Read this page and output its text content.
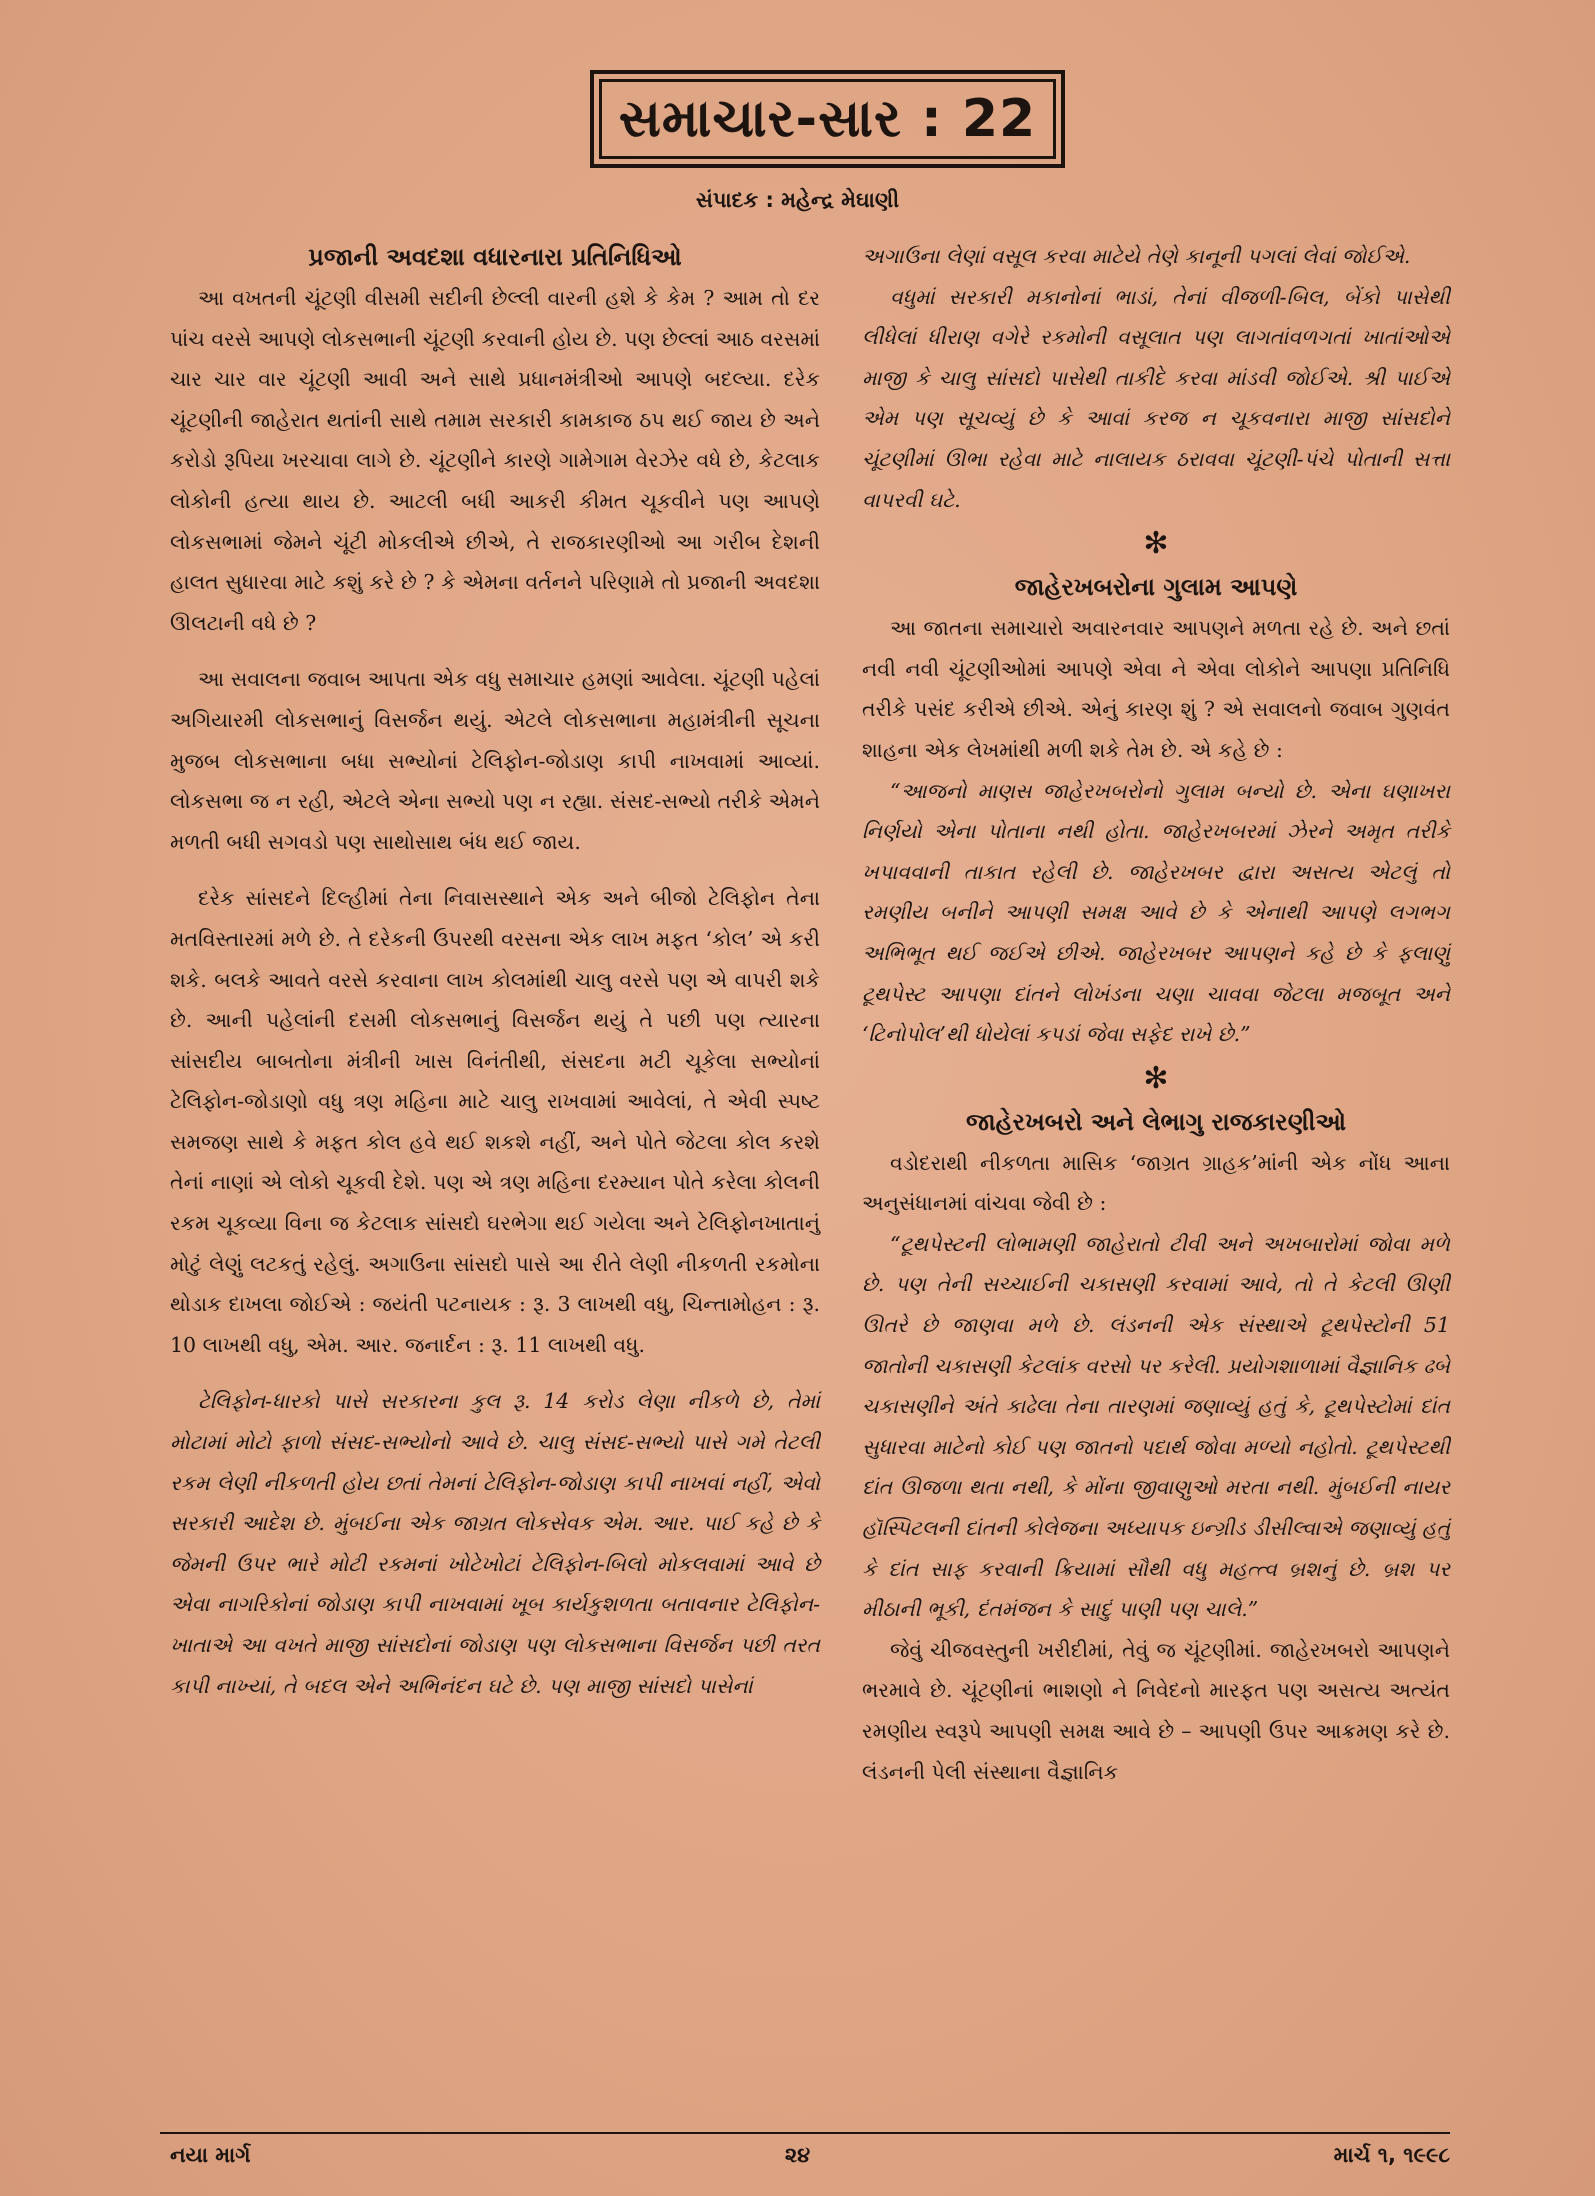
સમાચાર-સાર : 22
સંપાદક : મહેન્દ્ર મેઘાણી
પ્રજાની અવદશા વધારનારા પ્રતિનિધિઓ

આ વખતની ચૂંટણી વીસમી સદીની છેલ્લી વારની હશે કે કેમ ? આમ તો દર પાંચ વરસે આપણે લોકસભાની ચૂંટણી કરવાની હોય છે. પણ છેલ્લાં આઠ વરસમાં ચાર ચાર વાર ચૂંટણી આવી અને સાથે પ્રધાનમંત્રીઓ આપણે બદલ્યા. દરેક ચૂંટણીની જાહેરાત થતાંની સાથે તમામ સરકારી કામકાજ ઠપ થઈ જાય છે અને કરોડો રૂપિયા ખરચાવા લાગે છે. ચૂંટણીને કારણે ગામેગામ વેરઝેર વધે છે, કેટલાક લોકોની હત્યા થાય છે. આટલી બધી આકરી કીમત ચૂકવીને પણ આપણે લોકસભામાં જેમને ચૂંટી મોકલીએ છીએ, તે રાજકારણીઓ આ ગરીબ દેશની હાલત સુધારવા માટે કશું કરે છે ? કે એમના વર્તનને પરિણામે તો પ્રજાની અવદશા ઊલટાની વધે છે ?

આ સવાલના જવાબ આપતા એક વધુ સમાચાર હમણાં આવેલા. ચૂંટણી પહેલાં અગિયારમી લોકસભાનું વિસર્જન થયું. એટલે લોકસભાના મહામંત્રીની સૂચના મુજબ લોકસભાના બધા સભ્યોનાં ટેલિફોન-જોડાણ કાપી નાખવામાં આવ્યાં. લોકસભા જ ન રહી, એટલે એના સભ્યો પણ ન રહ્યા. સંસદ-સભ્યો તરીકે એમને મળતી બધી સગવડો પણ સાથોસાથ બંધ થઈ જાય.

દરેક સાંસદને દિલ્હીમાં તેના નિવાસસ્થાને એક અને બીજો ટેલિફોન તેના મતવિસ્તારમાં મળે છે. તે દરેકની ઉપરથી વરસના એક લાખ મફત ‘કોલ’ એ કરી શકે. બલકે આવતે વરસે કરવાના લાખ કોલમાંથી ચાલુ વરસે પણ એ વાપરી શકે છે. આની પહેલાંની દસમી લોકસભાનું વિસર્જન થયું તે પછી પણ ત્યારના સાંસદીય બાબતોના મંત્રીની ખાસ વિનંતીથી, સંસદના મટી ચૂકેલા સભ્યોનાં ટેલિફોન-જોડાણો વધુ ત્રણ મહિના માટે ચાલુ રાખવામાં આવેલાં, તે એવી સ્પષ્ટ સમજણ સાથે કે મફત કોલ હવે થઈ શકશે નહીં, અને પોતે જેટલા કોલ કરશે તેનાં નાણાં એ લોકો ચૂકવી દેશે. પણ એ ત્રણ મહિના દરમ્યાન પોતે કરેલા કોલની રકમ ચૂકવ્યા વિના જ કેટલાક સાંસદો ઘરભેગા થઈ ગયેલા અને ટેલિફોનખાતાનું મોટું લેણું લટકતું રહેલું. અગાઉના સાંસદો પાસે આ રીતે લેણી નીકળતી રકમોના થોડાક દાખલા જોઈએ : જયંતી પટનાયક : રૂ. 3 લાખથી વધુ, ચિન્તામોહન : રૂ. 10 લાખથી વધુ, એમ. આર. જનાર્દન : રૂ. 11 લાખથી વધુ.

ટેલિફોન-ધારકો પાસે સરકારના કુલ રૂ. 14 કરોડ લેણા નીકળે છે, તેમાં મોટામાં મોટો ફાળો સંસદ-સભ્યોનો આવે છે. ચાલુ સંસદ-સભ્યો પાસે ગમે તેટલી રકમ લેણી નીકળતી હોય છતાં તેમનાં ટેલિફોન-જોડાણ કાપી નાખવાં નહીં, એવો સરકારી આદેશ છે. મુંબઈના એક જાગ્રત લોકસેવક એમ. આર. પાઈ કહે છે કે જેમની ઉપર ભારે મોટી રકમનાં ખોટેખોટાં ટેલિફોન-બિલો મોકલવામાં આવે છે એવા નાગરિકોનાં જોડાણ કાપી નાખવામાં ખૂબ કાર્યકુશળતા બતાવનાર ટેલિફોન-ખાતાએ આ વખતે માજી સાંસદોનાં જોડાણ પણ લોકસભાના વિસર્જન પછી તરત કાપી નાખ્યાં, તે બદલ એને અભિનંદન ઘટે છે. પણ માજી સાંસદો પાસેનાં

અગાઉના લેણાં વસૂલ કરવા માટેયે તેણે કાનૂની પગલાં લેવાં જોઈએ.

વધુમાં સરકારી મકાનોનાં ભાડાં, તેનાં વીજળી-બિલ, બેંકો પાસેથી લીધેલાં ધીરાણ વગેરે રકમોની વસૂલાત પણ લાગતાંવળગતાં ખાતાંઓએ માજી કે ચાલુ સાંસદો પાસેથી તાકીદે કરવા માંડવી જોઈએ. શ્રી પાઈએ એમ પણ સૂચવ્યું છે કે આવાં કરજ ન ચૂકવનારા માજી સાંસદોને ચૂંટણીમાં ઊભા રહેવા માટે નાલાયક ઠરાવવા ચૂંટણી-પંચે પોતાની સત્તા વાપરવી ઘટે.

✻
જાહેરખબરોના ગુલામ આપણે

આ જાતના સમાચારો અવારનવાર આપણને મળતા રહે છે. અને છતાં નવી નવી ચૂંટણીઓમાં આપણે એવા ને એવા લોકોને આપણા પ્રતિનિધિ તરીકે પસંદ કરીએ છીએ. એનું કારણ શું ? એ સવાલનો જવાબ ગુણવંત શાહના એક લેખમાંથી મળી શકે તેમ છે. એ કહે છે :

“આજનો માણસ જાહેરખબરોનો ગુલામ બન્યો છે. એના ઘણાખરા નિર્ણયો એના પોતાના નથી હોતા. જાહેરખબરમાં ઝેરને અમૃત તરીકે ખપાવવાની તાકાત રહેલી છે. જાહેરખબર દ્વારા અસત્ય એટલું તો રમણીય બનીને આપણી સમક્ષ આવે છે કે એનાથી આપણે લગભગ અભિભૂત થઈ જઈએ છીએ. જાહેરખબર આપણને કહે છે કે ફલાણું ટૂથપેસ્ટ આપણા દાંતને લોખંડના ચણા ચાવવા જેટલા મજબૂત અને ‘ટિનોપોલ’થી ધોયેલાં કપડાં જેવા સફેદ રાખે છે.”

✻
જાહેરખબરો અને લેભાગુ રાજકારણીઓ

વડોદરાથી નીકળતા માસિક ‘જાગ્રત ગ્રાહક’માંની એક નોંધ આના અનુસંધાનમાં વાંચવા જેવી છે :

“ટૂથપેસ્ટની લોભામણી જાહેરાતો ટીવી અને અખબારોમાં જોવા મળે છે. પણ તેની સચ્ચાઈની ચકાસણી કરવામાં આવે, તો તે કેટલી ઊણી ઊતરે છે જાણવા મળે છે. લંડનની એક સંસ્થાએ ટૂથપેસ્ટોની 51 જાતોની ચકાસણી કેટલાંક વરસો પર કરેલી. પ્રયોગશાળામાં વૈજ્ઞાનિક ઢબે ચકાસણીને અંતે કાઢેલા તેના તારણમાં જણાવ્યું હતું કે, ટૂથપેસ્ટોમાં દાંત સુધારવા માટેનો કોઈ પણ જાતનો પદાર્થ જોવા મળ્યો નહોતો. ટૂથપેસ્ટથી દાંત ઊજળા થતા નથી, કે મોંના જીવાણુઓ મરતા નથી. મુંબઈની નાયર હૉસ્પિટલની દાંતની કોલેજના અધ્યાપક ઇન્ગ્રીડ ડીસીલ્વાએ જણાવ્યું હતું કે દાંત સાફ કરવાની ક્રિયામાં સૌથી વધુ મહત્ત્વ બ્રશનું છે. બ્રશ પર મીઠાની ભૂકી, દંતમંજન કે સાદું પાણી પણ ચાલે.”

જેવું ચીજવસ્તુની ખરીદીમાં, તેવું જ ચૂંટણીમાં. જાહેરખબરો આપણને ભરમાવે છે. ચૂંટણીનાં ભાશણો ને નિવેદનો મારફત પણ અસત્ય અત્યંત રમણીય સ્વરૂપે આપણી સમક્ષ આવે છે – આપણી ઉપર આક્રમણ કરે છે. લંડનની પેલી સંસ્થાના વૈજ્ઞાનિક

નયા માર્ગ	૨૪	માર્ચ ૧, ૧૯૯૮
